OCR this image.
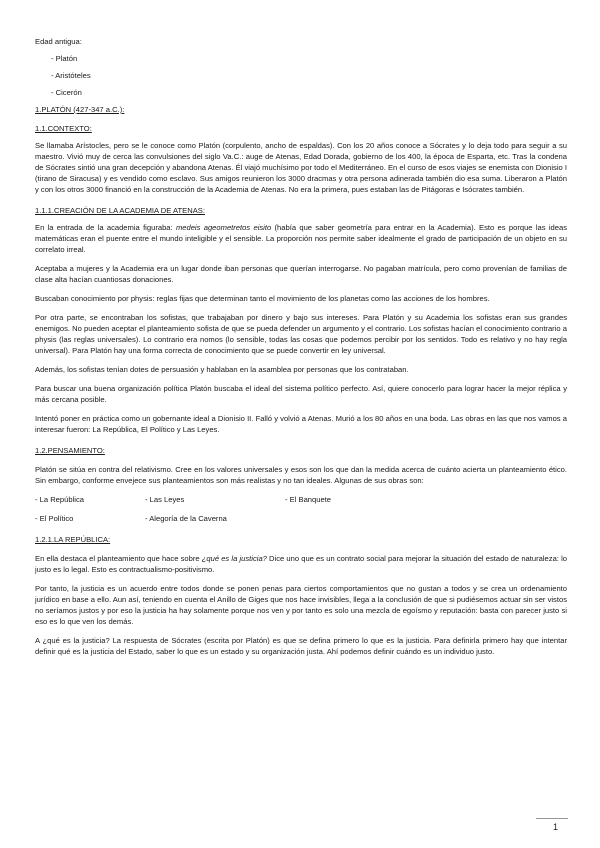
Edad antigua:

- Platón

- Aristóteles

- Cicerón

1.PLATÓN (427-347 a.C.):

1.1.CONTEXTO:

Se llamaba Arístocles, pero se le conoce como Platón (corpulento, ancho de espaldas). Con los 20 años conoce a Sócrates y lo deja todo para seguir a su maestro. Vivió muy de cerca las convulsiones del siglo Va.C.: auge de Atenas, Edad Dorada, gobierno de los 400, la época de Esparta, etc. Tras la condena de Sócrates sintió una gran decepción y abandona Atenas. Él viajó muchísimo por todo el Mediterráneo. En el curso de esos viajes se enemista con Dionisio I (tirano de Siracusa) y es vendido como esclavo. Sus amigos reunieron los 3000 dracmas y otra persona adinerada también dio esa suma. Liberaron a Platón y con los otros 3000 financió en la construcción de la Academia de Atenas. No era la primera, pues estaban las de Pitágoras e Isócrates también.

1.1.1.CREACIÓN DE LA ACADEMIA DE ATENAS:

En la entrada de la academia figuraba: medeis ageometretos eisito (había que saber geometría para entrar en la Academia). Esto es porque las ideas matemáticas eran el puente entre el mundo inteligible y el sensible. La proporción nos permite saber idealmente el grado de participación de un objeto en su correlato irreal.

Aceptaba a mujeres y la Academia era un lugar donde iban personas que querían interrogarse. No pagaban matrícula, pero como provenían de familias de clase alta hacían cuantiosas donaciones.

Buscaban conocimiento por physis: reglas fijas que determinan tanto el movimiento de los planetas como las acciones de los hombres.

Por otra parte, se encontraban los sofistas, que trabajaban por dinero y bajo sus intereses. Para Platón y su Academia los sofistas eran sus grandes enemigos. No pueden aceptar el planteamiento sofista de que se pueda defender un argumento y el contrario. Los sofistas hacían el conocimiento contrario a physis (las reglas universales). Lo contrario era nomos (lo sensible, todas las cosas que podemos percibir por los sentidos. Todo es relativo y no hay regla universal). Para Platón hay una forma correcta de conocimiento que se puede convertir en ley universal.

Además, los sofistas tenían dotes de persuasión y hablaban en la asamblea por personas que los contrataban.

Para buscar una buena organización política Platón buscaba el ideal del sistema político perfecto. Así, quiere conocerlo para lograr hacer la mejor réplica y más cercana posible.

Intentó poner en práctica como un gobernante ideal a Dionisio II. Falló y volvió a Atenas. Murió a los 80 años en una boda. Las obras en las que nos vamos a interesar fueron: La República, El Político y Las Leyes.

1.2.PENSAMIENTO:

Platón se sitúa en contra del relativismo. Cree en los valores universales y esos son los que dan la medida acerca de cuánto acierta un planteamiento ético. Sin embargo, conforme envejece sus planteamientos son más realistas y no tan ideales. Algunas de sus obras son:

- La República	- Las Leyes	- El Banquete
- El Político	- Alegoría de la Caverna

1.2.1.LA REPÚBLICA:

En ella destaca el planteamiento que hace sobre ¿qué es la justicia? Dice uno que es un contrato social para mejorar la situación del estado de naturaleza: lo justo es lo legal. Esto es contractualismo-positivismo.

Por tanto, la justicia es un acuerdo entre todos donde se ponen penas para ciertos comportamientos que no gustan a todos y se crea un ordenamiento jurídico en base a ello. Aun así, teniendo en cuenta el Anillo de Giges que nos hace invisibles, llega a la conclusión de que si pudiésemos actuar sin ser vistos no seríamos justos y por eso la justicia ha hay solamente porque nos ven y por tanto es solo una mezcla de egoísmo y reputación: basta con parecer justo si eso es lo que ven los demás.

A ¿qué es la justicia? La respuesta de Sócrates (escrita por Platón) es que se defina primero lo que es la justicia. Para definirla primero hay que intentar definir qué es la justicia del Estado, saber lo que es un estado y su organización justa. Ahí podemos definir cuándo es un individuo justo.

1
